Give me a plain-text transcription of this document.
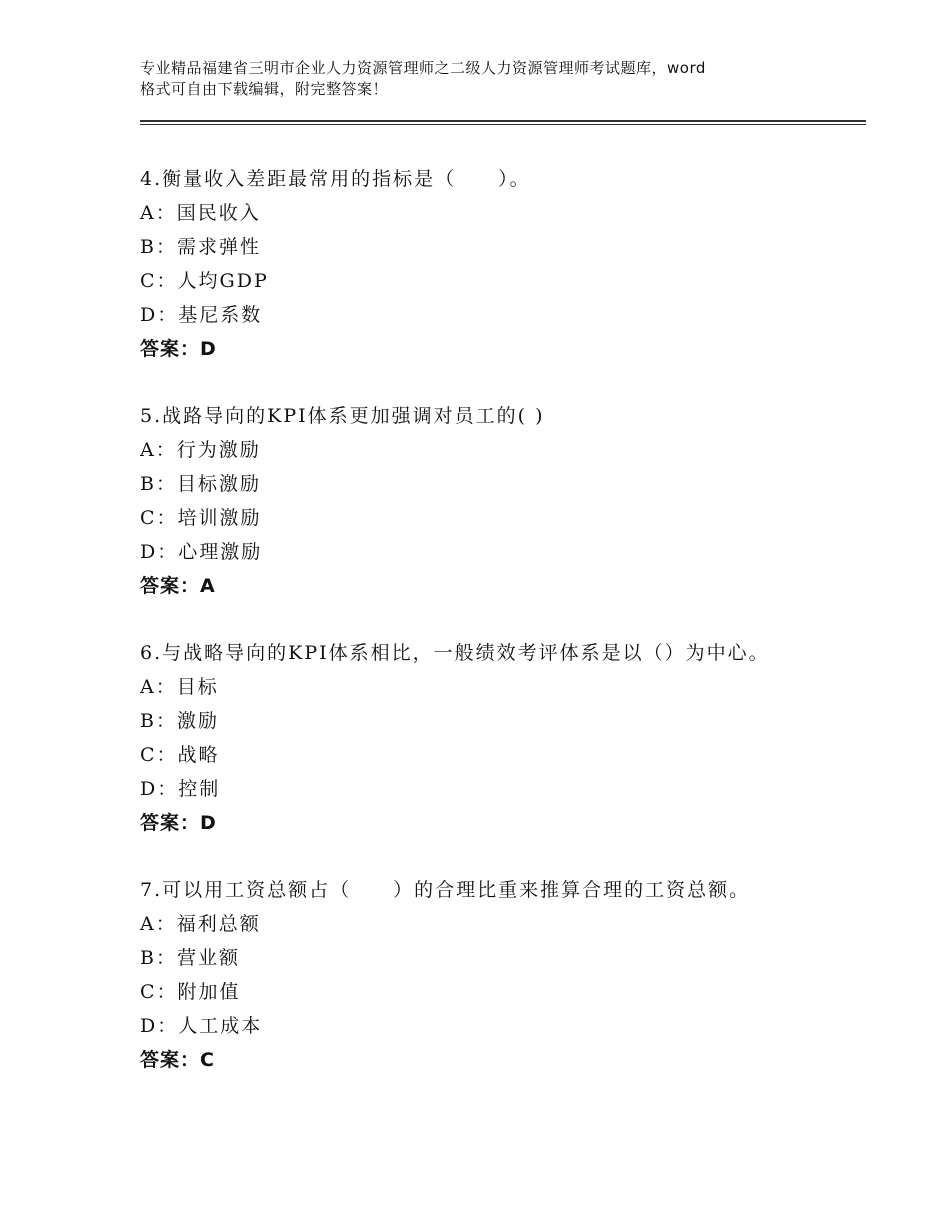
专业精品福建省三明市企业人力资源管理师之二级人力资源管理师考试题库，word
格式可自由下载编辑，附完整答案！
4.衡量收入差距最常用的指标是（　　）。
A：国民收入
B：需求弹性
C：人均GDP
D：基尼系数
答案：D
5.战路导向的KPI体系更加强调对员工的( )
A：行为激励
B：目标激励
C：培训激励
D：心理激励
答案：A
6.与战略导向的KPI体系相比，一般绩效考评体系是以（）为中心。
A：目标
B：激励
C：战略
D：控制
答案：D
7.可以用工资总额占（　　）的合理比重来推算合理的工资总额。
A：福利总额
B：营业额
C：附加值
D：人工成本
答案：C
